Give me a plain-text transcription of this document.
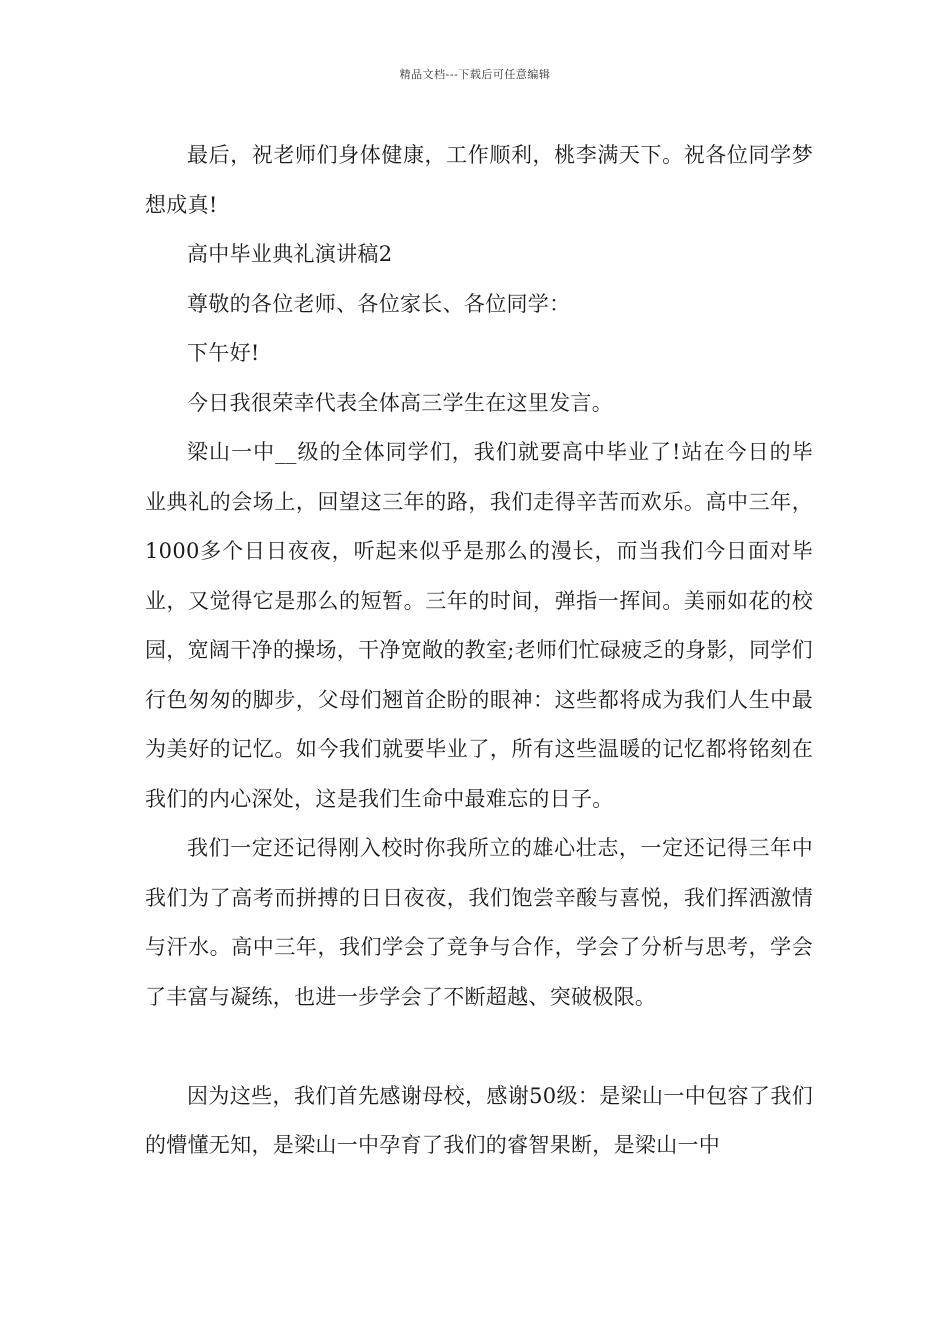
精品文档---下载后可任意编辑

最后，祝老师们身体健康，工作顺利，桃李满天下。祝各位同学梦想成真!

高中毕业典礼演讲稿2

尊敬的各位老师、各位家长、各位同学：

下午好!

今日我很荣幸代表全体高三学生在这里发言。

梁山一中__级的全体同学们，我们就要高中毕业了!站在今日的毕业典礼的会场上，回望这三年的路，我们走得辛苦而欢乐。高中三年，1000多个日日夜夜，听起来似乎是那么的漫长，而当我们今日面对毕业，又觉得它是那么的短暂。三年的时间，弹指一挥间。美丽如花的校园，宽阔干净的操场，干净宽敞的教室;老师们忙碌疲乏的身影，同学们行色匆匆的脚步，父母们翘首企盼的眼神：这些都将成为我们人生中最为美好的记忆。如今我们就要毕业了，所有这些温暖的记忆都将铭刻在我们的内心深处，这是我们生命中最难忘的日子。

我们一定还记得刚入校时你我所立的雄心壮志，一定还记得三年中我们为了高考而拼搏的日日夜夜，我们饱尝辛酸与喜悦，我们挥洒激情与汗水。高中三年，我们学会了竞争与合作，学会了分析与思考，学会了丰富与凝练，也进一步学会了不断超越、突破极限。

因为这些，我们首先感谢母校，感谢50级：是梁山一中包容了我们的懵懂无知，是梁山一中孕育了我们的睿智果断，是梁山一中
